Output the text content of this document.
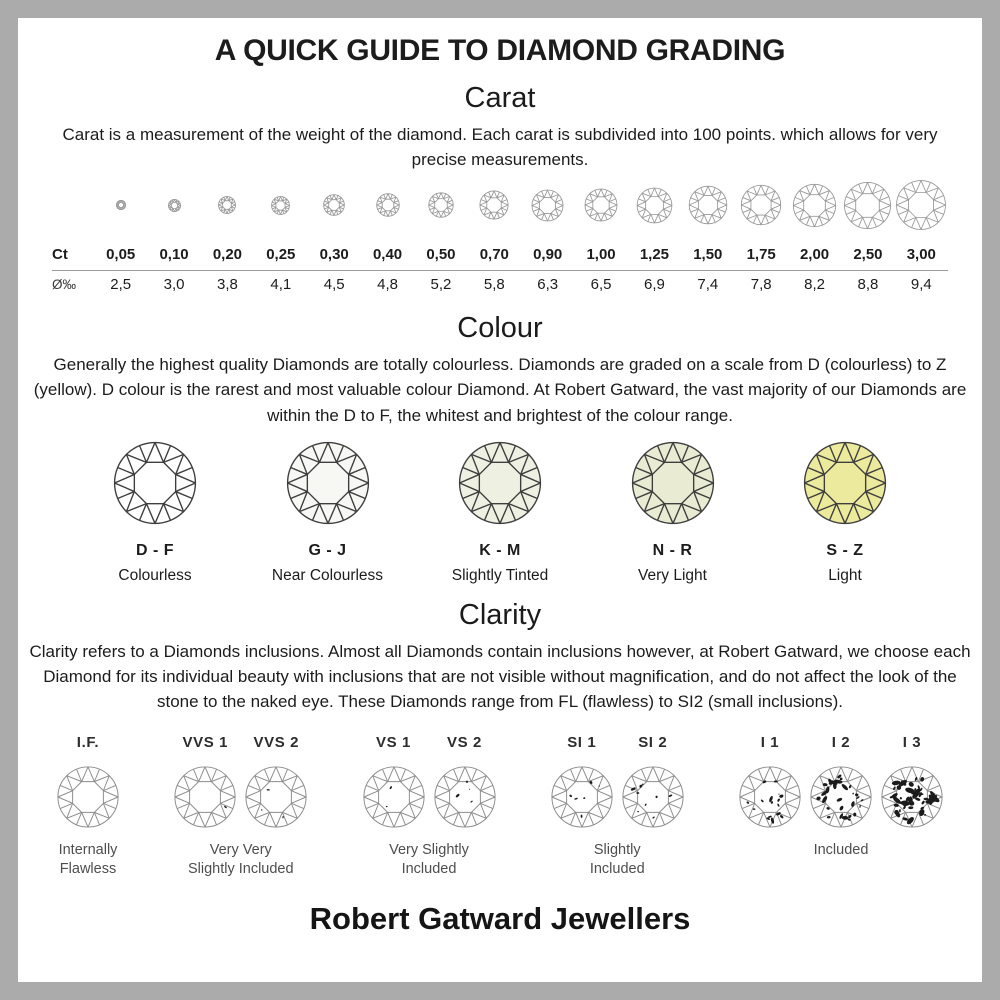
A QUICK GUIDE TO DIAMOND GRADING
Carat

Carat is a measurement of the weight of the diamond. Each carat is subdivided into 100 points. which allows for very precise measurements.

Ct	0,05	0,10	0,20	0,25	0,30	0,40	0,50	0,70	0,90	1,00	1,25	1,50	1,75	2,00	2,50	3,00
Ø‰	2,5	3,0	3,8	4,1	4,5	4,8	5,2	5,8	6,3	6,5	6,9	7,4	7,8	8,2	8,8	9,4
Colour

Generally the highest quality Diamonds are totally colourless. Diamonds are graded on a scale from D (colourless) to Z (yellow). D colour is the rarest and most valuable colour Diamond. At Robert Gatward, the vast majority of our Diamonds are within the D to F, the whitest and brightest of the colour range.

D - F
Colourless
G - J
Near Colourless
K - M
Slightly Tinted
N - R
Very Light
S - Z
Light
Clarity

Clarity refers to a Diamonds inclusions. Almost all Diamonds contain inclusions however, at Robert Gatward, we choose each Diamond for its individual beauty with inclusions that are not visible without magnification, and do not affect the look of the stone to the naked eye. These Diamonds range from FL (flawless) to SI2 (small inclusions).

I.F.
Internally
Flawless
VVS 1 VVS 2
Very Very
Slightly Included
VS 1 VS 2
Very Slightly
Included
SI 1	SI 2
Slightly
Included
I 1	I 2	I 3
Included
Robert Gatward Jewellers
